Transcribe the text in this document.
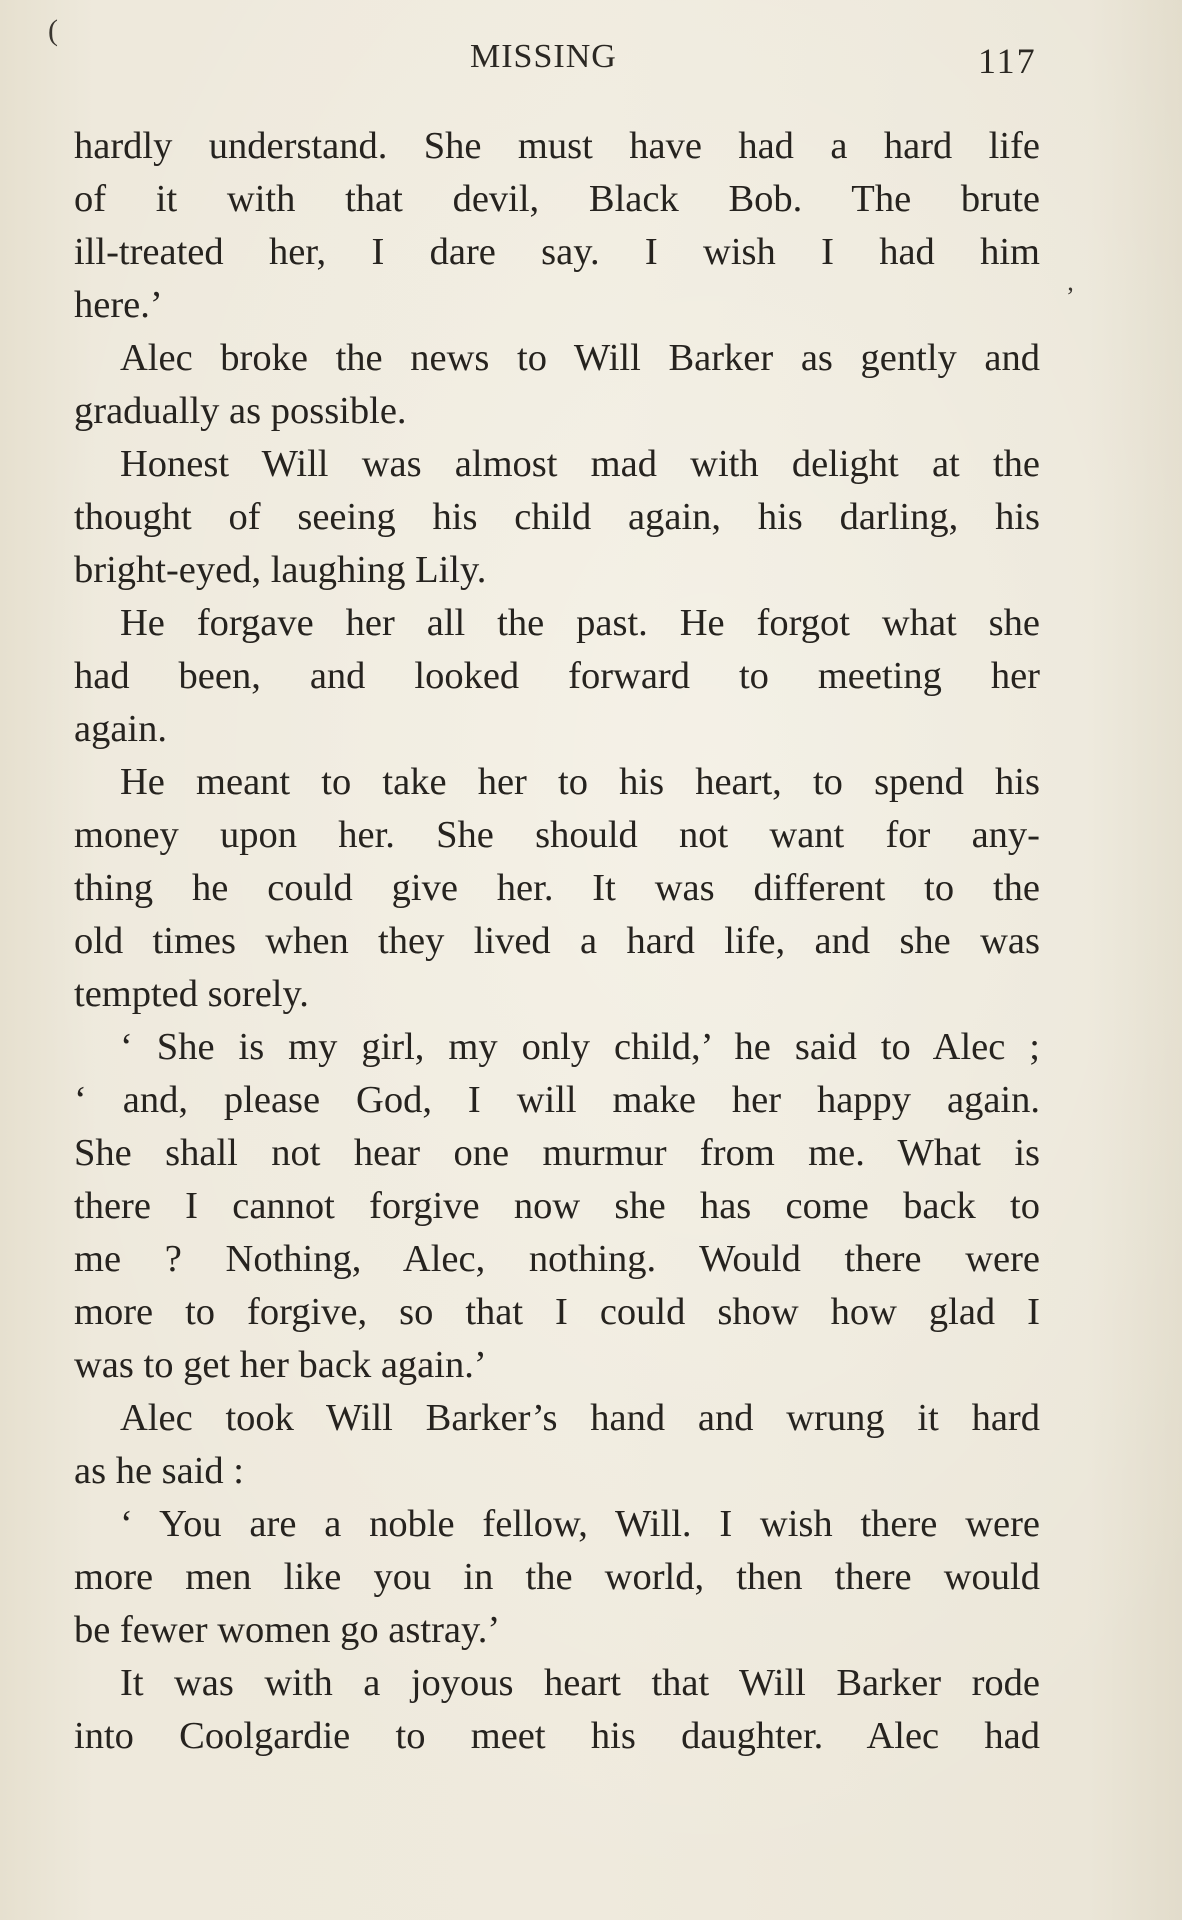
(
ʼ
MISSING	117
hardly understand. She must have had a hard life
of it with that devil, Black Bob. The brute
ill-treated her, I dare say. I wish I had him
here.’
Alec broke the news to Will Barker as gently and
gradually as possible.
Honest Will was almost mad with delight at the
thought of seeing his child again, his darling, his
bright-eyed, laughing Lily.
He forgave her all the past. He forgot what she
had been, and looked forward to meeting her
again.
He meant to take her to his heart, to spend his
money upon her. She should not want for any-
thing he could give her. It was different to the
old times when they lived a hard life, and she was
tempted sorely.
‘ She is my girl, my only child,’ he said to Alec ;
‘ and, please God, I will make her happy again.
She shall not hear one murmur from me. What is
there I cannot forgive now she has come back to
me ? Nothing, Alec, nothing. Would there were
more to forgive, so that I could show how glad I
was to get her back again.’
Alec took Will Barker’s hand and wrung it hard
as he said :
‘ You are a noble fellow, Will. I wish there were
more men like you in the world, then there would
be fewer women go astray.’
It was with a joyous heart that Will Barker rode
into Coolgardie to meet his daughter. Alec had
